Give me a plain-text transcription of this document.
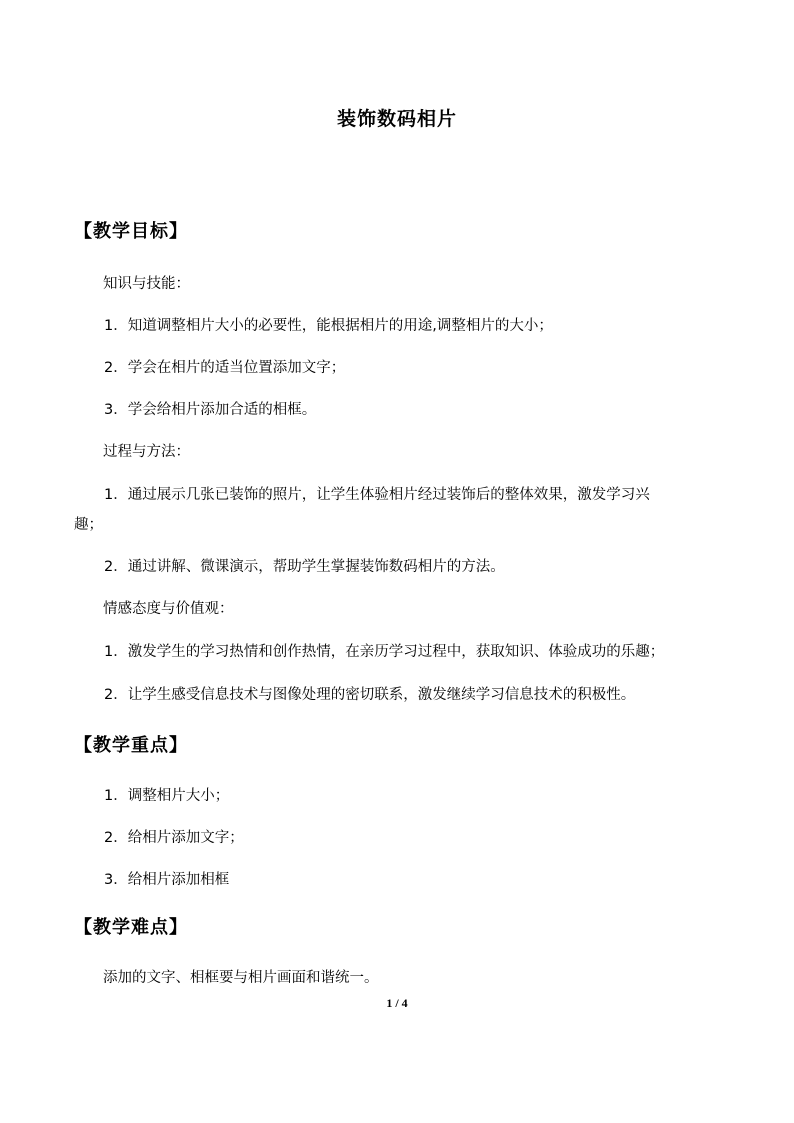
装饰数码相片
【教学目标】
知识与技能：
1．知道调整相片大小的必要性，能根据相片的用途,调整相片的大小；
2．学会在相片的适当位置添加文字；
3．学会给相片添加合适的相框。
过程与方法：
1．通过展示几张已装饰的照片，让学生体验相片经过装饰后的整体效果，激发学习兴
趣；
2．通过讲解、微课演示，帮助学生掌握装饰数码相片的方法。
情感态度与价值观：
1．激发学生的学习热情和创作热情，在亲历学习过程中，获取知识、体验成功的乐趣；
2．让学生感受信息技术与图像处理的密切联系，激发继续学习信息技术的积极性。
【教学重点】
1．调整相片大小；
2．给相片添加文字；
3．给相片添加相框
【教学难点】
添加的文字、相框要与相片画面和谐统一。
1 / 4
